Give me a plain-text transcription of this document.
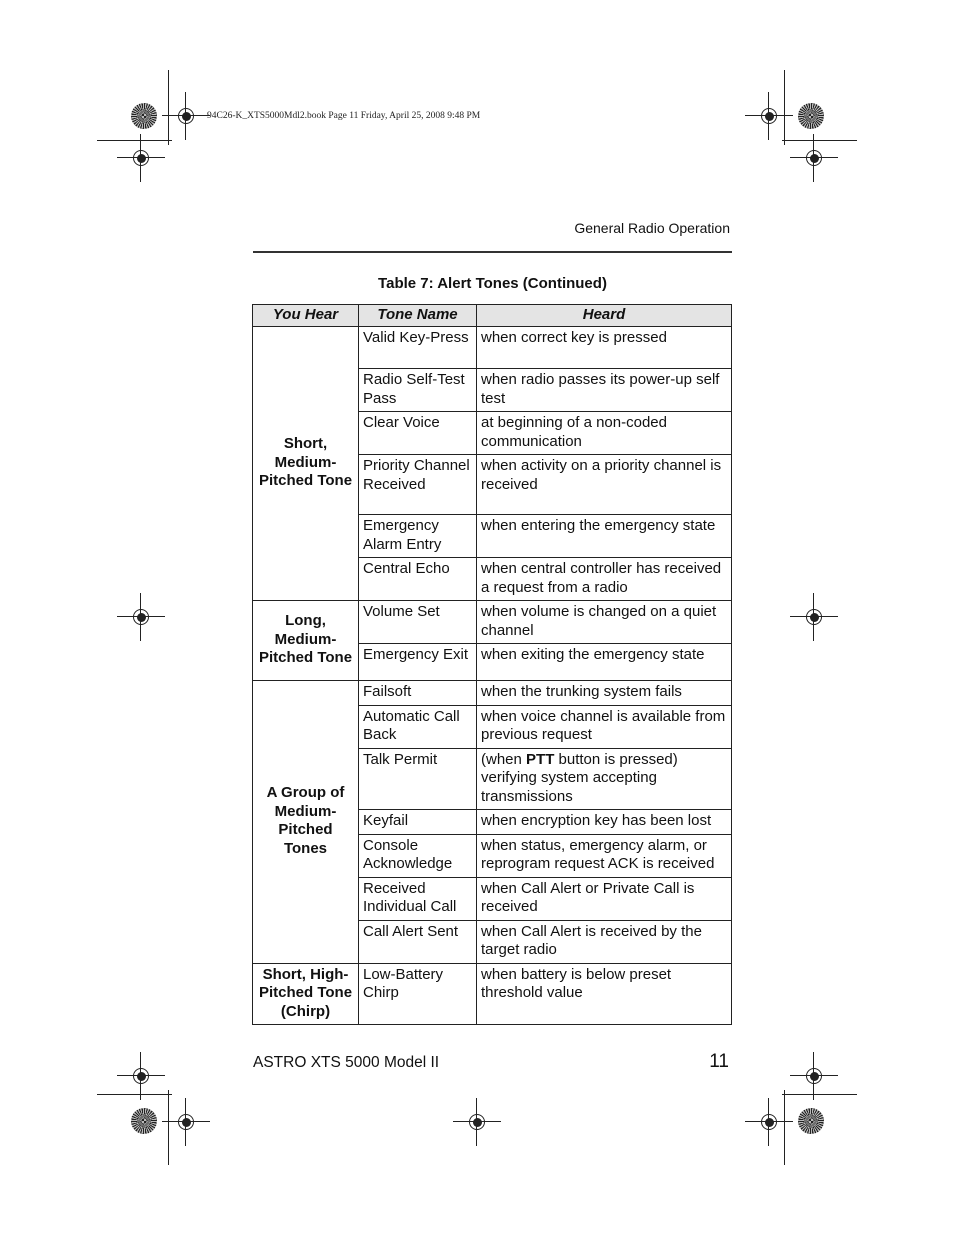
94C26-K_XTS5000Mdl2.book Page 11 Friday, April 25, 2008 9:48 PM
General Radio Operation
Table 7: Alert Tones (Continued)
You Hear	Tone Name	Heard
Short, Medium-Pitched Tone	Valid Key-Press	when correct key is pressed
	Radio Self-Test Pass	when radio passes its power-up self test
	Clear Voice	at beginning of a non-coded communication
	Priority Channel Received	when activity on a priority channel is received
	Emergency Alarm Entry	when entering the emergency state
	Central Echo	when central controller has received a request from a radio
Long, Medium-Pitched Tone	Volume Set	when volume is changed on a quiet channel
	Emergency Exit	when exiting the emergency state
A Group of Medium-Pitched Tones	Failsoft	when the trunking system fails
	Automatic Call Back	when voice channel is available from previous request
	Talk Permit	(when PTT button is pressed) verifying system accepting transmissions
	Keyfail	when encryption key has been lost
	Console Acknowledge	when status, emergency alarm, or reprogram request ACK is received
	Received Individual Call	when Call Alert or Private Call is received
	Call Alert Sent	when Call Alert is received by the target radio
Short, High-Pitched Tone (Chirp)	Low-Battery Chirp	when battery is below preset threshold value
ASTRO XTS 5000 Model II	11
